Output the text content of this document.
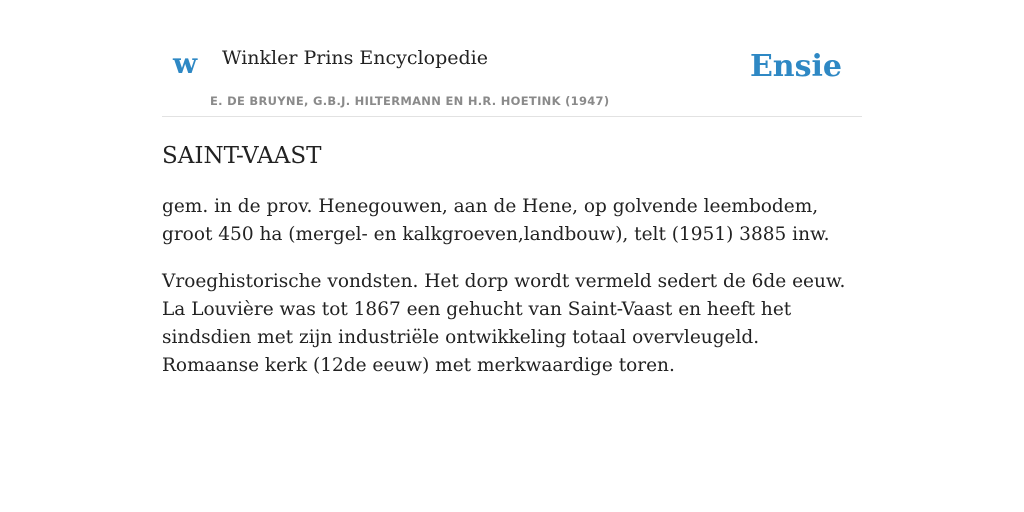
w Winkler Prins Encyclopedie
E. DE BRUYNE, G.B.J. HILTERMANN EN H.R. HOETINK (1947)
Ensie
SAINT-VAAST

gem. in de prov. Henegouwen, aan de Hene, op golvende leembodem, groot 450 ha (mergel- en kalkgroeven,landbouw), telt (1951) 3885 inw.

Vroeghistorische vondsten. Het dorp wordt vermeld sedert de 6de eeuw. La Louvière was tot 1867 een gehucht van Saint-Vaast en heeft het sindsdien met zijn industriële ontwikkeling totaal overvleugeld. Romaanse kerk (12de eeuw) met merkwaardige toren.
